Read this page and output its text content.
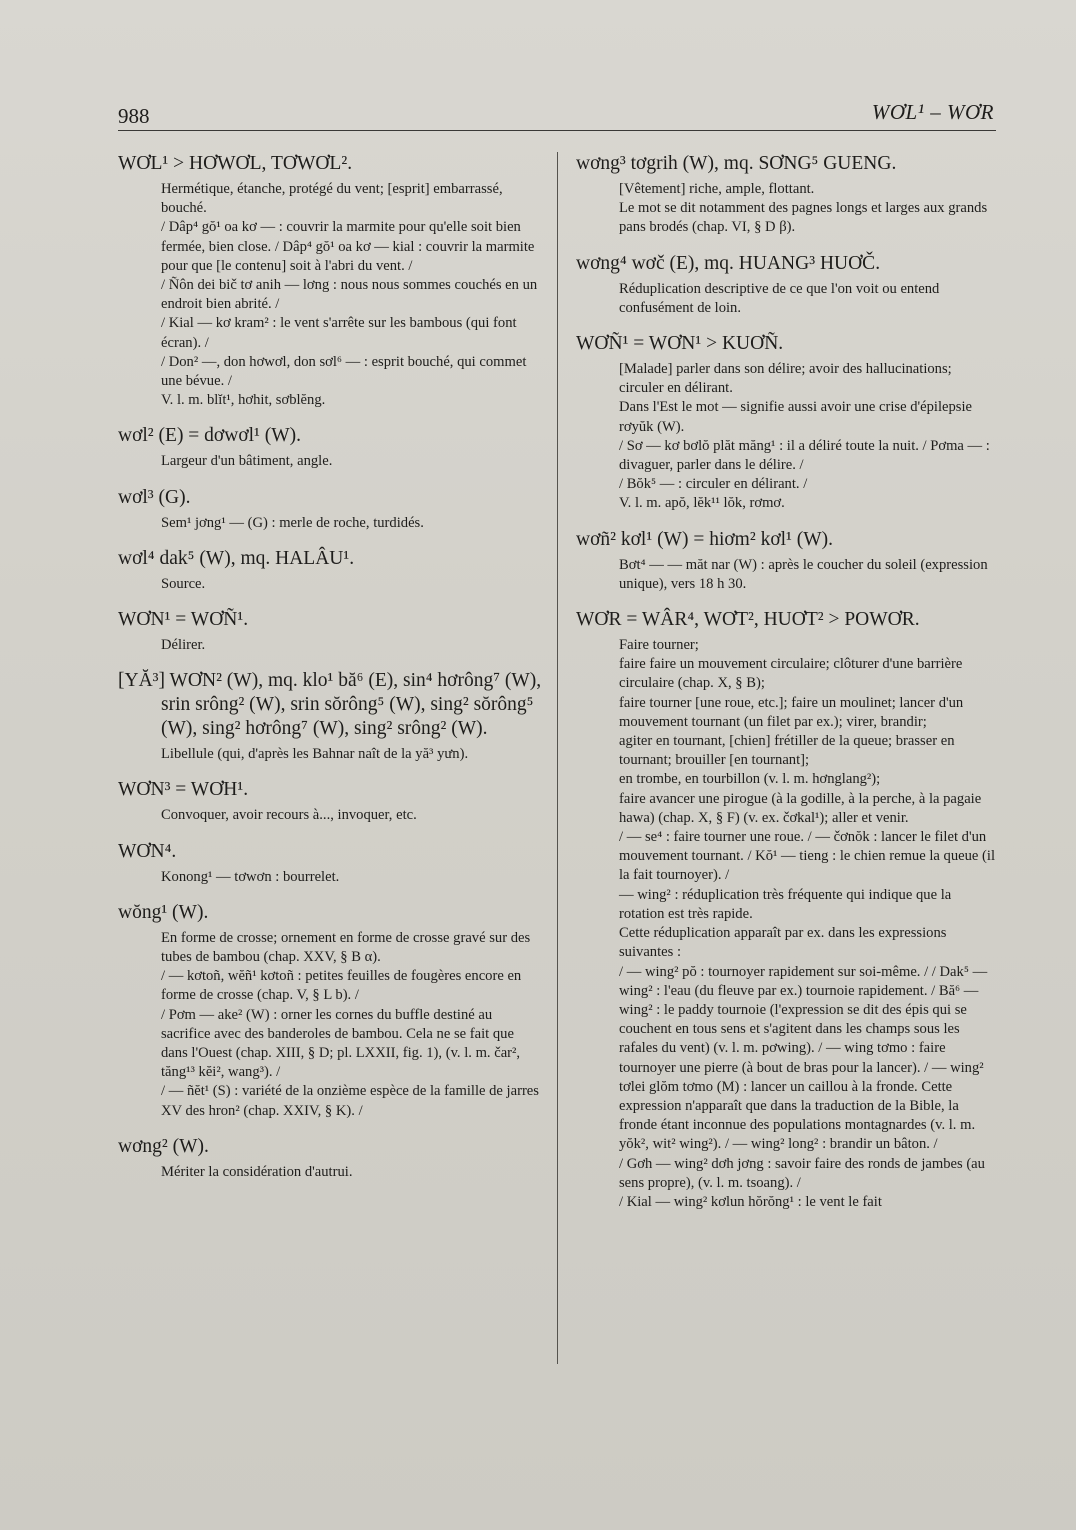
988	WƠL¹ – WƠR
WƠL¹ > HƠWƠL, TƠWƠL².

Hermétique, étanche, protégé du vent; [esprit] embarrassé, bouché.

/ Dâp⁴ gŏ¹ oa kơ — : couvrir la marmite pour qu'elle soit bien fermée, bien close. / Dâp⁴ gŏ¹ oa kơ — kial : couvrir la marmite pour que [le contenu] soit à l'abri du vent. /

/ Ñôn dei bič tơ anih — lơng : nous nous sommes couchés en un endroit bien abrité. /

/ Kial — kơ kram² : le vent s'arrête sur les bambous (qui font écran). /

/ Don² —, don hơwơl, don sơl⁶ — : esprit bouché, qui commet une bévue. /

V. l. m. blĭt¹, hơhit, sơblĕng.

wơl² (E) = dơwơl¹ (W).

Largeur d'un bâtiment, angle.

wơl³ (G).

Sem¹ jơng¹ — (G) : merle de roche, turdidés.

wơl⁴ dak⁵ (W), mq. HALÂU¹.

Source.

WƠN¹ = WƠÑ¹.

Délirer.

[YĂ³] WƠN² (W), mq. klo¹ bă⁶ (E), sin⁴ hơrông⁷ (W), srin srông² (W), srin sŏrông⁵ (W), sing² sŏrông⁵ (W), sing² hơrông⁷ (W), sing² srông² (W).

Libellule (qui, d'après les Bahnar naît de la yă³ yưn).

WƠN³ = WƠH¹.

Convoquer, avoir recours à..., invoquer, etc.

WƠN⁴.

Konong¹ — tơwơn : bourrelet.

wŏng¹ (W).

En forme de crosse; ornement en forme de crosse gravé sur des tubes de bambou (chap. XXV, § B α).

/ — kơtoñ, wĕñ¹ kơtoñ : petites feuilles de fougères encore en forme de crosse (chap. V, § L b). /

/ Pơm — ake² (W) : orner les cornes du buffle destiné au sacrifice avec des banderoles de bambou. Cela ne se fait que dans l'Ouest (chap. XIII, § D; pl. LXXII, fig. 1), (v. l. m. čar², tăng¹³ kĕi², wang³). /

/ — ñĕt¹ (S) : variété de la onzième espèce de la famille de jarres XV des hron² (chap. XXIV, § K). /

wơng² (W).

Mériter la considération d'autrui.

wơng³ tơgrih (W), mq. SƠNG⁵ GUENG.

[Vêtement] riche, ample, flottant.

Le mot se dit notamment des pagnes longs et larges aux grands pans brodés (chap. VI, § D β).

wơng⁴ wơč (E), mq. HUANG³ HUƠČ.

Réduplication descriptive de ce que l'on voit ou entend confusément de loin.

WƠÑ¹ = WƠN¹ > KUƠÑ.

[Malade] parler dans son délire; avoir des hallucinations; circuler en délirant.

Dans l'Est le mot — signifie aussi avoir une crise d'épilepsie rơyŭk (W).

/ Sơ — kơ bơlŏ plăt măng¹ : il a déliré toute la nuit. / Pơma — : divaguer, parler dans le délire. /

/ Bŏk⁵ — : circuler en délirant. /

V. l. m. apŏ, lĕk¹¹ lŏk, rơmơ.

wơñ² kơl¹ (W) = hiơm² kơl¹ (W).

Bơt⁴ — — măt nar (W) : après le coucher du soleil (expression unique), vers 18 h 30.

WƠR = WÂR⁴, WƠT², HUƠT² > POWƠR.

Faire tourner;

faire faire un mouvement circulaire; clôturer d'une barrière circulaire (chap. X, § B);

faire tourner [une roue, etc.]; faire un moulinet; lancer d'un mouvement tournant (un filet par ex.); virer, brandir;

agiter en tournant, [chien] frétiller de la queue; brasser en tournant; brouiller [en tournant];

en trombe, en tourbillon (v. l. m. hơnglang²);

faire avancer une pirogue (à la godille, à la perche, à la pagaie hawa) (chap. X, § F) (v. ex. čơkal¹); aller et venir.

/ — se⁴ : faire tourner une roue. / — čơnŏk : lancer le filet d'un mouvement tournant. / Kŏ¹ — tieng : le chien remue la queue (il la fait tournoyer). /

— wing² : réduplication très fréquente qui indique que la rotation est très rapide.

Cette réduplication apparaît par ex. dans les expressions suivantes :

/ — wing² pŏ : tournoyer rapidement sur soi-même. / / Dak⁵ — wing² : l'eau (du fleuve par ex.) tournoie rapidement. / Bă⁶ — wing² : le paddy tournoie (l'expression se dit des épis qui se couchent en tous sens et s'agitent dans les champs sous les rafales du vent) (v. l. m. pơwing). / — wing tơmo : faire tournoyer une pierre (à bout de bras pour la lancer). / — wing² tơlei glŏm tơmo (M) : lancer un caillou à la fronde. Cette expression n'apparaît que dans la traduction de la Bible, la fronde étant inconnue des populations montagnardes (v. l. m. yŏk², wit² wing²). / — wing² long² : brandir un bâton. /

/ Gơh — wing² dơh jơng : savoir faire des ronds de jambes (au sens propre), (v. l. m. tsoang). /

/ Kial — wing² kơlun hŏrŏng¹ : le vent le fait
